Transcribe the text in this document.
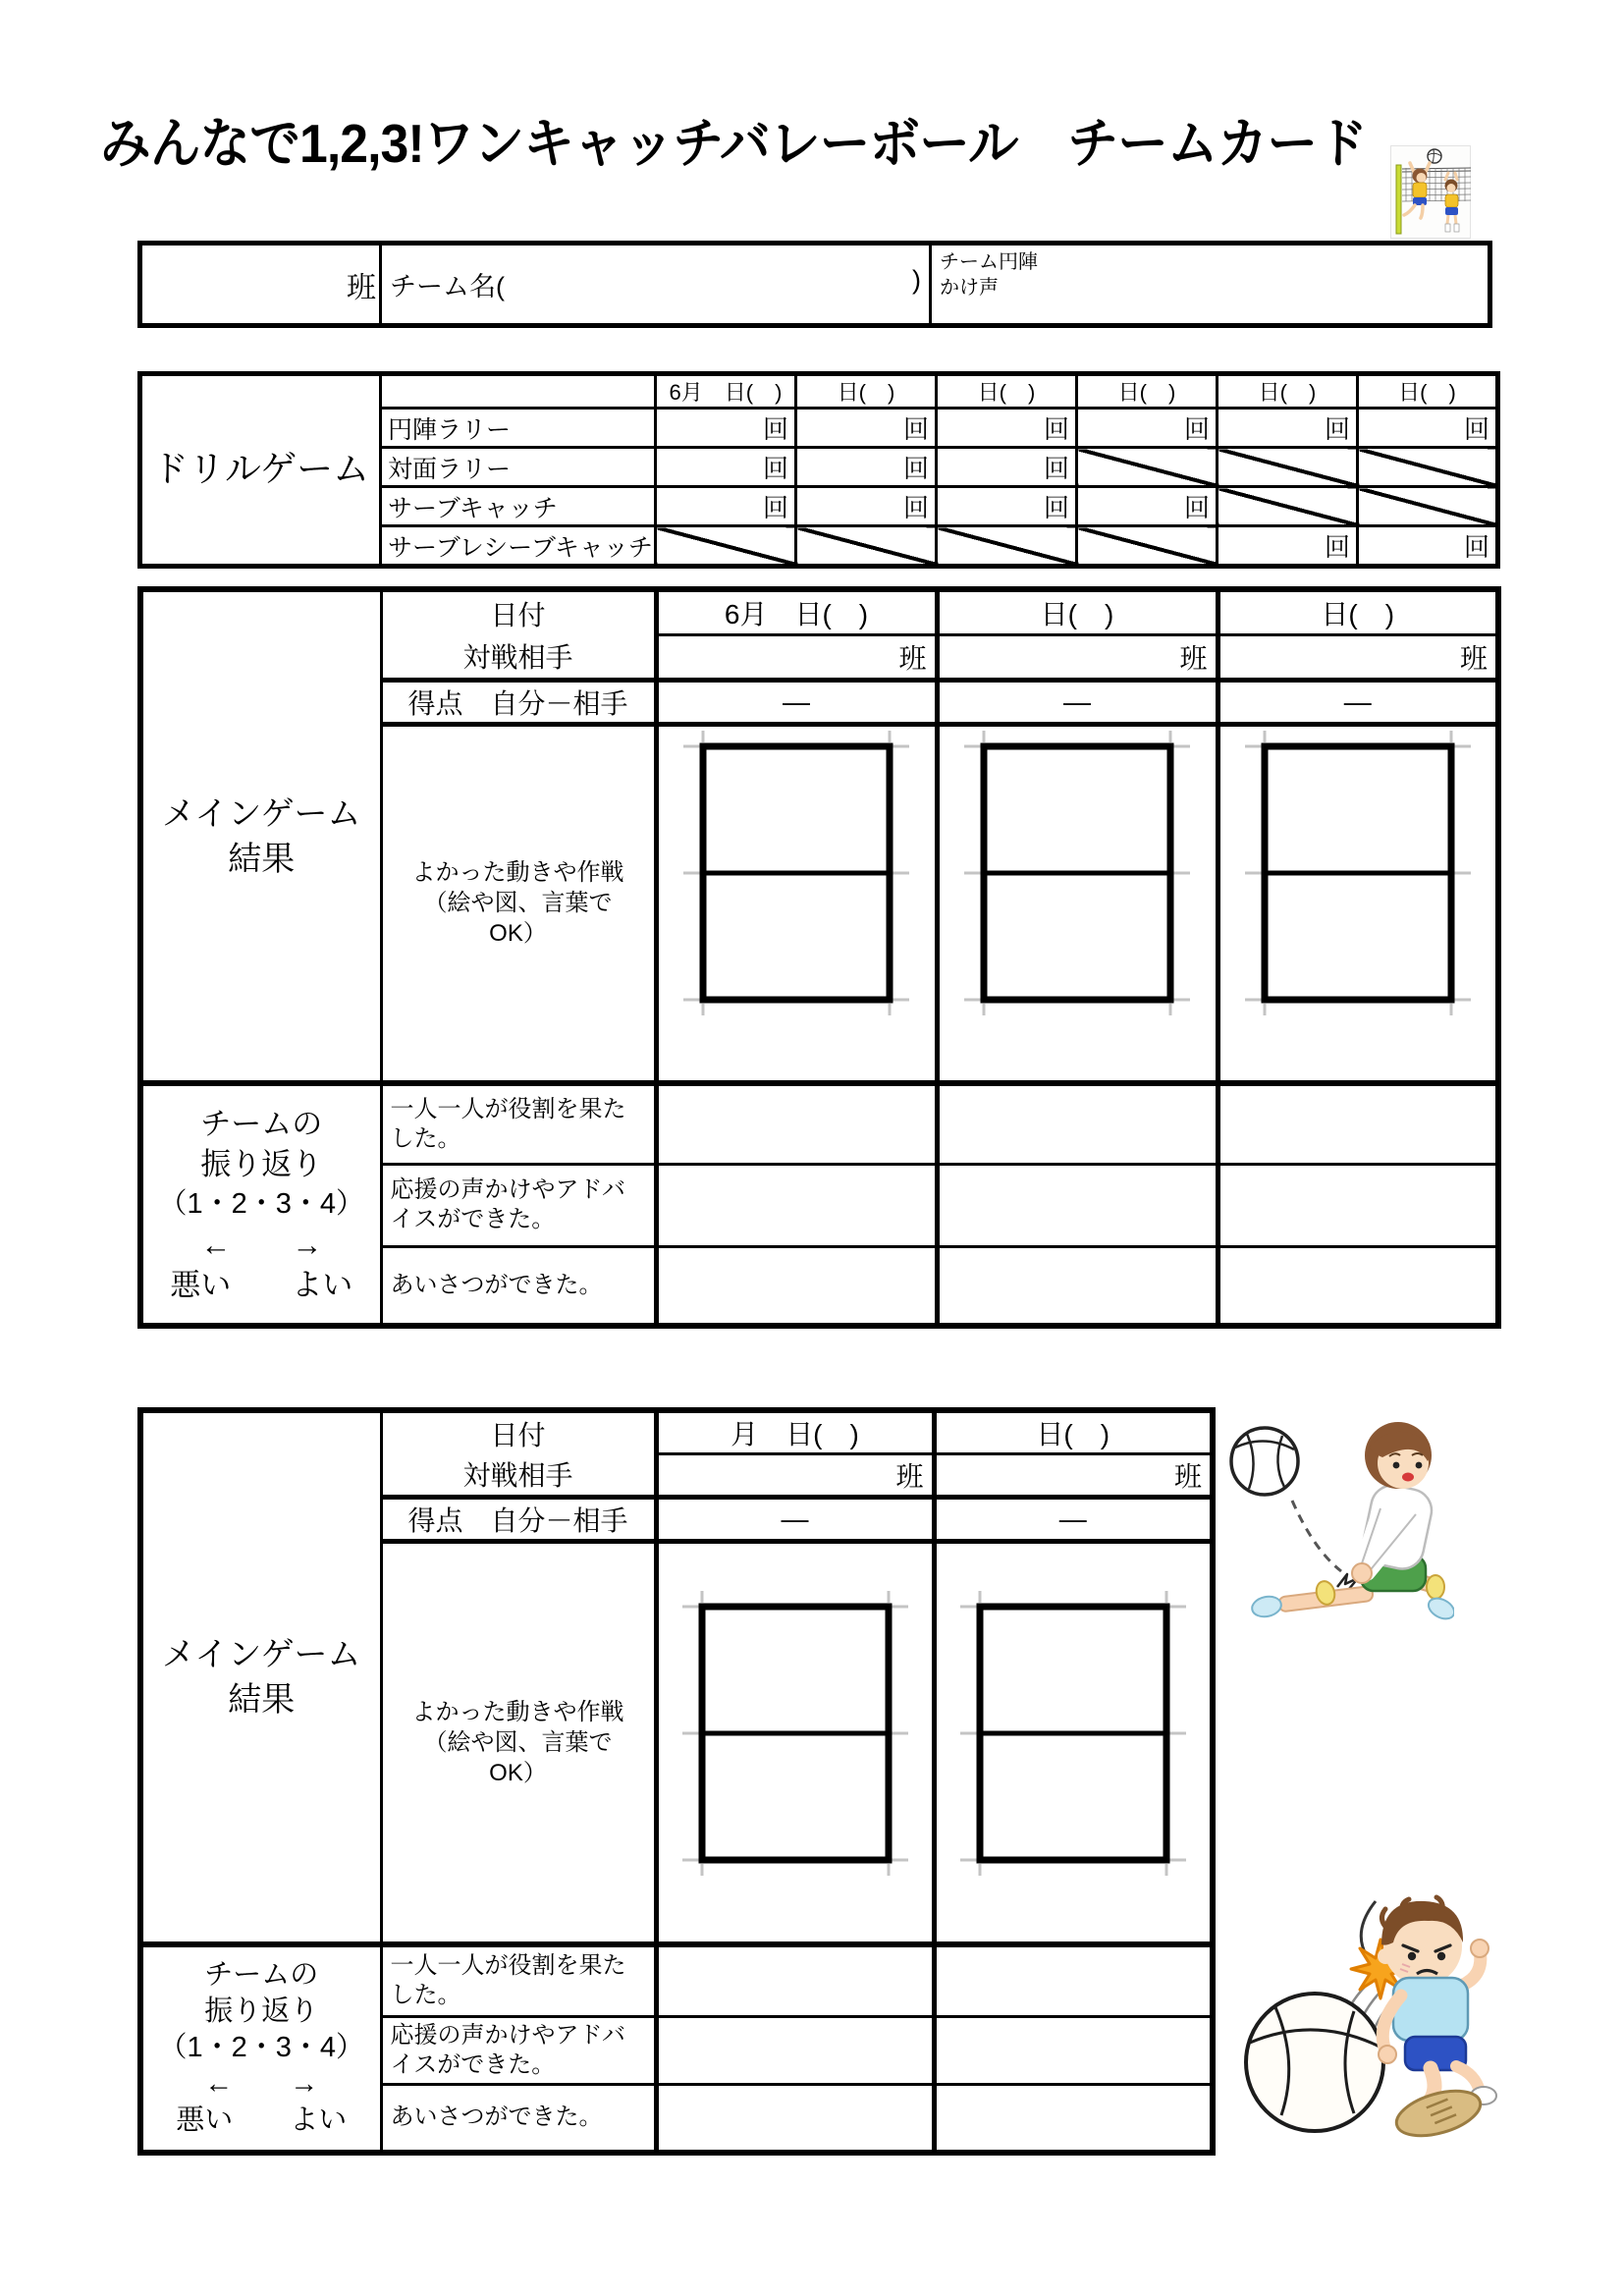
みんなで1,2,3!ワンキャッチバレーボール　チームカード
班	チーム名(	)

チーム円陣
かけ声
ドリルゲーム		6月　日(　)	日(　)	日(　)	日(　)	日(　)	日(　)
	円陣ラリー	回	回	回	回	回	回
	対面ラリー	回	回	回			
	サーブキャッチ	回	回	回	回		
	サーブレシーブキャッチ					回	回
メインゲーム
結果	日付	6月　日(　)	日(　)	日(　)
	対戦相手	班	班	班
	得点　自分－相手	―	―	―

	よかった動きや作戦
（絵や図、言葉で
OK）

チームの
振り返り
（1・2・3・4）
←　　→
悪い　　よい	一人一人が役割を果たした。			
	応援の声かけやアドバイスができた。			
	あいさつができた。			
メインゲーム
結果	日付	月　日(　)	日(　)
	対戦相手	班	班
	得点　自分－相手	―	―

	よかった動きや作戦
（絵や図、言葉で
OK）

チームの
振り返り
（1・2・3・4）
←　　→
悪い　　よい	一人一人が役割を果たした。		
	応援の声かけやアドバイスができた。		
	あいさつができた。		
